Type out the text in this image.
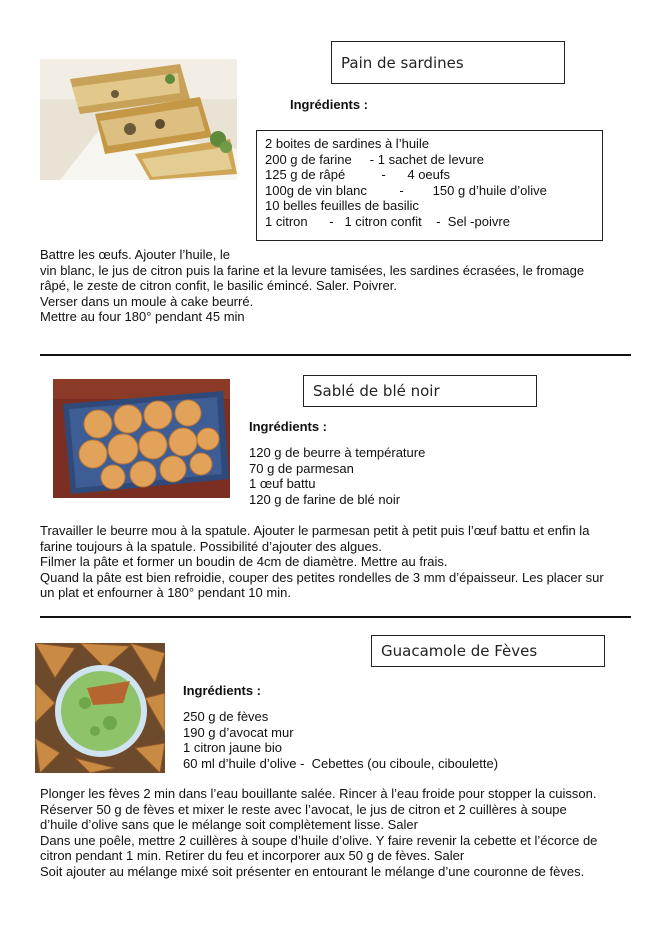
Pain de sardines
Ingrédients :
2 boites de sardines à l’huile
200 g de farine     - 1 sachet de levure
125 g de râpé          -      4 oeufs
100g de vin blanc         -        150 g d’huile d’olive
10 belles feuilles de basilic
1 citron      -   1 citron confit    -  Sel -poivre
Battre les œufs. Ajouter l’huile, le
vin blanc, le jus de citron puis la farine et la levure tamisées, les sardines écrasées, le fromage
râpé, le zeste de citron confit, le basilic émincé. Saler. Poivrer.
Verser dans un moule à cake beurré.
Mettre au four 180° pendant 45 min
Sablé de blé noir
Ingrédients :
120 g de beurre à température
70 g de parmesan
1 œuf battu
120 g de farine de blé noir
Travailler le beurre mou à la spatule. Ajouter le parmesan petit à petit puis l’œuf battu et enfin la
farine toujours à la spatule. Possibilité d’ajouter des algues.
Filmer la pâte et former un boudin de 4cm de diamètre. Mettre au frais.
Quand la pâte est bien refroidie, couper des petites rondelles de 3 mm d’épaisseur. Les placer sur
un plat et enfourner à 180° pendant 10 min.
Guacamole de Fèves
Ingrédients :
250 g de fèves
190 g d’avocat mur
1 citron jaune bio
60 ml d’huile d’olive -  Cebettes (ou ciboule, ciboulette)
Plonger les fèves 2 min dans l’eau bouillante salée. Rincer à l’eau froide pour stopper la cuisson.
Réserver 50 g de fèves et mixer le reste avec l’avocat, le jus de citron et 2 cuillères à soupe
d’huile d’olive sans que le mélange soit complètement lisse. Saler
Dans une poêle, mettre 2 cuillères à soupe d’huile d’olive. Y faire revenir la cebette et l’écorce de
citron pendant 1 min. Retirer du feu et incorporer aux 50 g de fèves. Saler
Soit ajouter au mélange mixé soit présenter en entourant le mélange d’une couronne de fèves.
